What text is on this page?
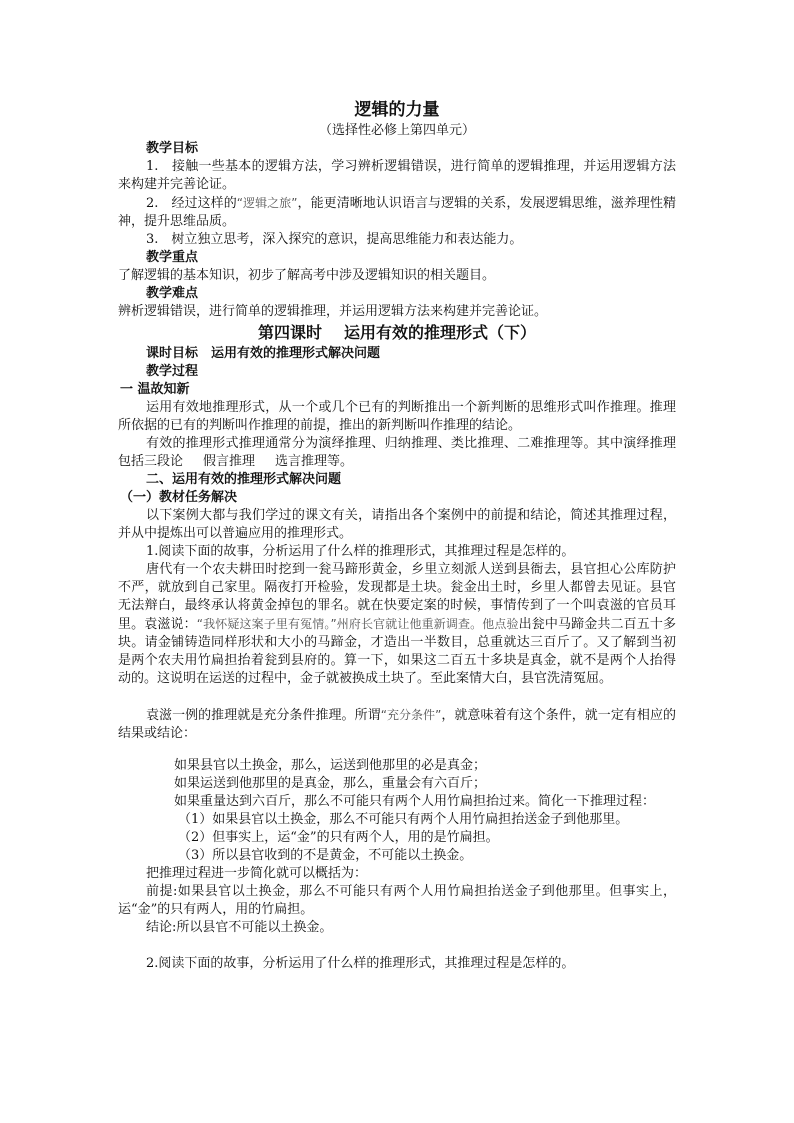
逻辑的力量
（选择性必修上第四单元）
教学目标
1.　接触一些基本的逻辑方法，学习辨析逻辑错误，进行简单的逻辑推理，并运用逻辑方法来构建并完善论证。
2.　经过这样的“逻辑之旅”，能更清晰地认识语言与逻辑的关系，发展逻辑思维，滋养理性精神，提升思维品质。
3.　树立独立思考，深入探究的意识，提高思维能力和表达能力。
教学重点
了解逻辑的基本知识，初步了解高考中涉及逻辑知识的相关题目。
教学难点
辨析逻辑错误，进行简单的逻辑推理，并运用逻辑方法来构建并完善论证。
第四课时 运用有效的推理形式（下）
课时目标　运用有效的推理形式解决问题
教学过程
一 温故知新
运用有效地推理形式，从一个或几个已有的判断推出一个新判断的思维形式叫作推理。推理所依据的已有的判断叫作推理的前提，推出的新判断叫作推理的结论。
有效的推理形式推理通常分为演绎推理、归纳推理、类比推理、二难推理等。其中演绎推理包括三段论 假言推理 选言推理等。
二、运用有效的推理形式解决问题
（一）教材任务解决
以下案例大都与我们学过的课文有关，请指出各个案例中的前提和结论，简述其推理过程，并从中提炼出可以普遍应用的推理形式。
1.阅读下面的故事，分析运用了什么样的推理形式，其推理过程是怎样的。
唐代有一个农夫耕田时挖到一瓮马蹄形黄金，乡里立刻派人送到县衙去，县官担心公库防护不严，就放到自己家里。隔夜打开检验，发现都是土块。瓮金出土时，乡里人都曾去见证。县官无法辩白，最终承认将黄金掉包的罪名。就在快要定案的时候，事情传到了一个叫袁滋的官员耳里。袁滋说：“我怀疑这案子里有冤情。”州府长官就让他重新调查。他点验出瓮中马蹄金共二百五十多块。请金铺铸造同样形状和大小的马蹄金，才造出一半数目，总重就达三百斤了。又了解到当初是两个农夫用竹扁担抬着瓮到县府的。算一下，如果这二百五十多块是真金，就不是两个人抬得动的。这说明在运送的过程中，金子就被换成土块了。至此案情大白，县官洗清冤屈。
袁滋一例的推理就是充分条件推理。所谓“充分条件”，就意味着有这个条件，就一定有相应的结果或结论：
如果县官以土换金，那么，运送到他那里的必是真金；
如果运送到他那里的是真金，那么，重量会有六百斤；
如果重量达到六百斤，那么不可能只有两个人用竹扁担抬过来。简化一下推理过程：
（1）如果县官以土换金，那么不可能只有两个人用竹扁担抬送金子到他那里。
（2）但事实上，运“金”的只有两个人，用的是竹扁担。
（3）所以县官收到的不是黄金，不可能以土换金。
把推理过程进一步简化就可以概括为：
前提:如果县官以土换金，那么不可能只有两个人用竹扁担抬送金子到他那里。但事实上，运“金”的只有两人，用的竹扁担。
结论:所以县官不可能以土换金。
2.阅读下面的故事，分析运用了什么样的推理形式，其推理过程是怎样的。
